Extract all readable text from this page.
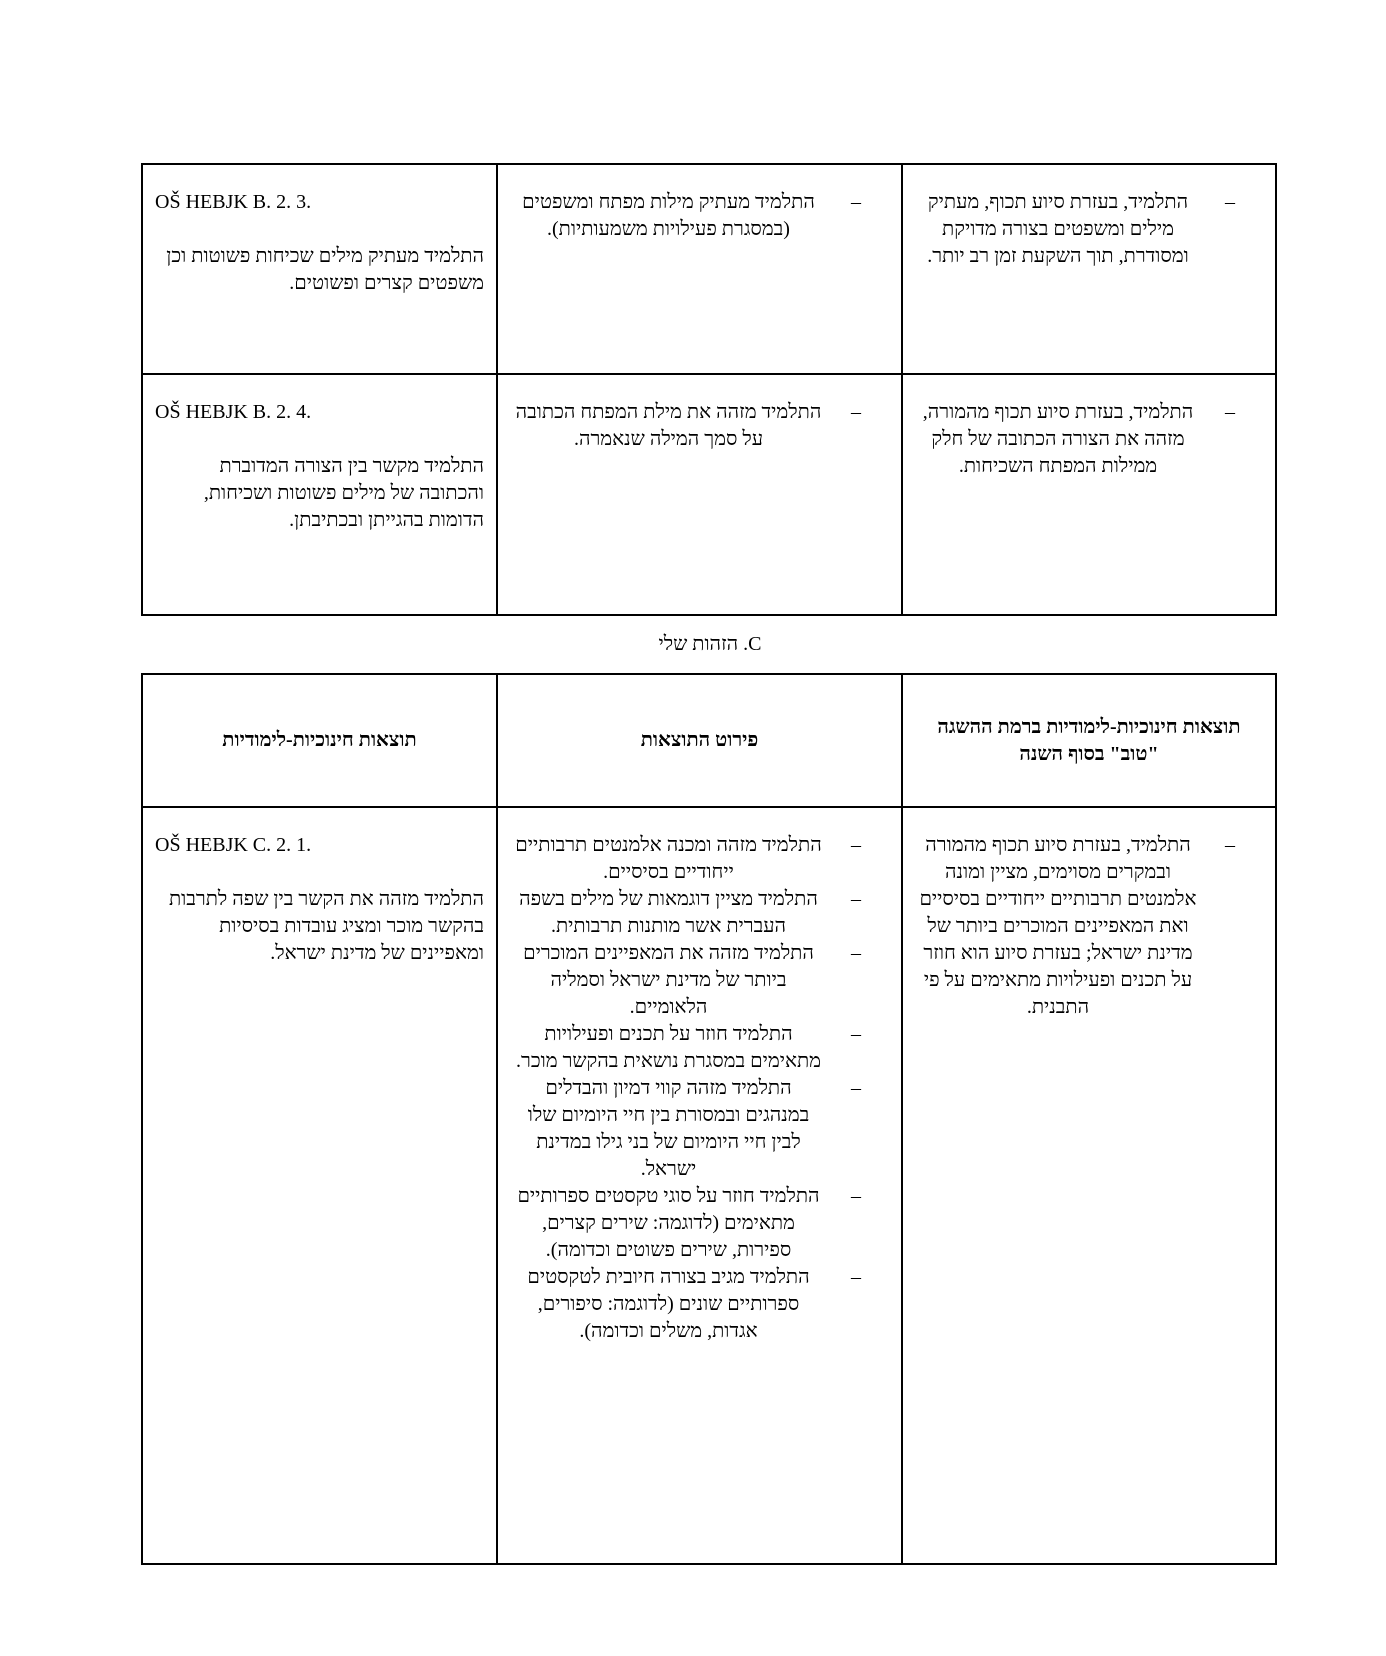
–
התלמיד, בעזרת סיוע תכוף, מעתיק מילים ומשפטים בצורה מדויקת ומסודרת, תוך השקעת זמן רב יותר.

–
התלמיד מעתיק מילות מפתח ומשפטים (במסגרת פעילויות משמעותיות).

OŠ HEBJK B. 2. 3.
התלמיד מעתיק מילים שכיחות פשוטות וכן משפטים קצרים ופשוטים.

–
התלמיד, בעזרת סיוע תכוף מהמורה, מזהה את הצורה הכתובה של חלק ממילות המפתח השכיחות.

–
התלמיד מזהה את מילת המפתח הכתובה על סמך המילה שנאמרה.

OŠ HEBJK B. 2. 4.
התלמיד מקשר בין הצורה המדוברת והכתובה של מילים פשוטות ושכיחות, הדומות בהגייתן ובכתיבתן.
C. הזהות שלי
תוצאות חינוכיות-לימודיות ברמת ההשגה "טוב" בסוף השנה	פירוט התוצאות	תוצאות חינוכיות-לימודיות

–
התלמיד, בעזרת סיוע תכוף מהמורה ובמקרים מסוימים, מציין ומונה אלמנטים תרבותיים ייחודיים בסיסיים ואת המאפיינים המוכרים ביותר של מדינת ישראל; בעזרת סיוע הוא חוזר על תכנים ופעילויות מתאימים על פי התבנית.

–
התלמיד מזהה ומכנה אלמנטים תרבותיים ייחודיים בסיסיים.
–
התלמיד מציין דוגמאות של מילים בשפה העברית אשר מותנות תרבותית.
–
התלמיד מזהה את המאפיינים המוכרים ביותר של מדינת ישראל וסמליה הלאומיים.
–
התלמיד חוזר על תכנים ופעילויות מתאימים במסגרת נושאית בהקשר מוכר.
–
התלמיד מזהה קווי דמיון והבדלים במנהגים ובמסורת בין חיי היומיום שלו לבין חיי היומיום של בני גילו במדינת ישראל.
–
התלמיד חוזר על סוגי טקסטים ספרותיים מתאימים (לדוגמה: שירים קצרים, ספירות, שירים פשוטים וכדומה).
–
התלמיד מגיב בצורה חיובית לטקסטים ספרותיים שונים (לדוגמה: סיפורים, אגדות, משלים וכדומה).

OŠ HEBJK C. 2. 1.
התלמיד מזהה את הקשר בין שפה לתרבות בהקשר מוכר ומציג עובדות בסיסיות ומאפיינים של מדינת ישראל.
